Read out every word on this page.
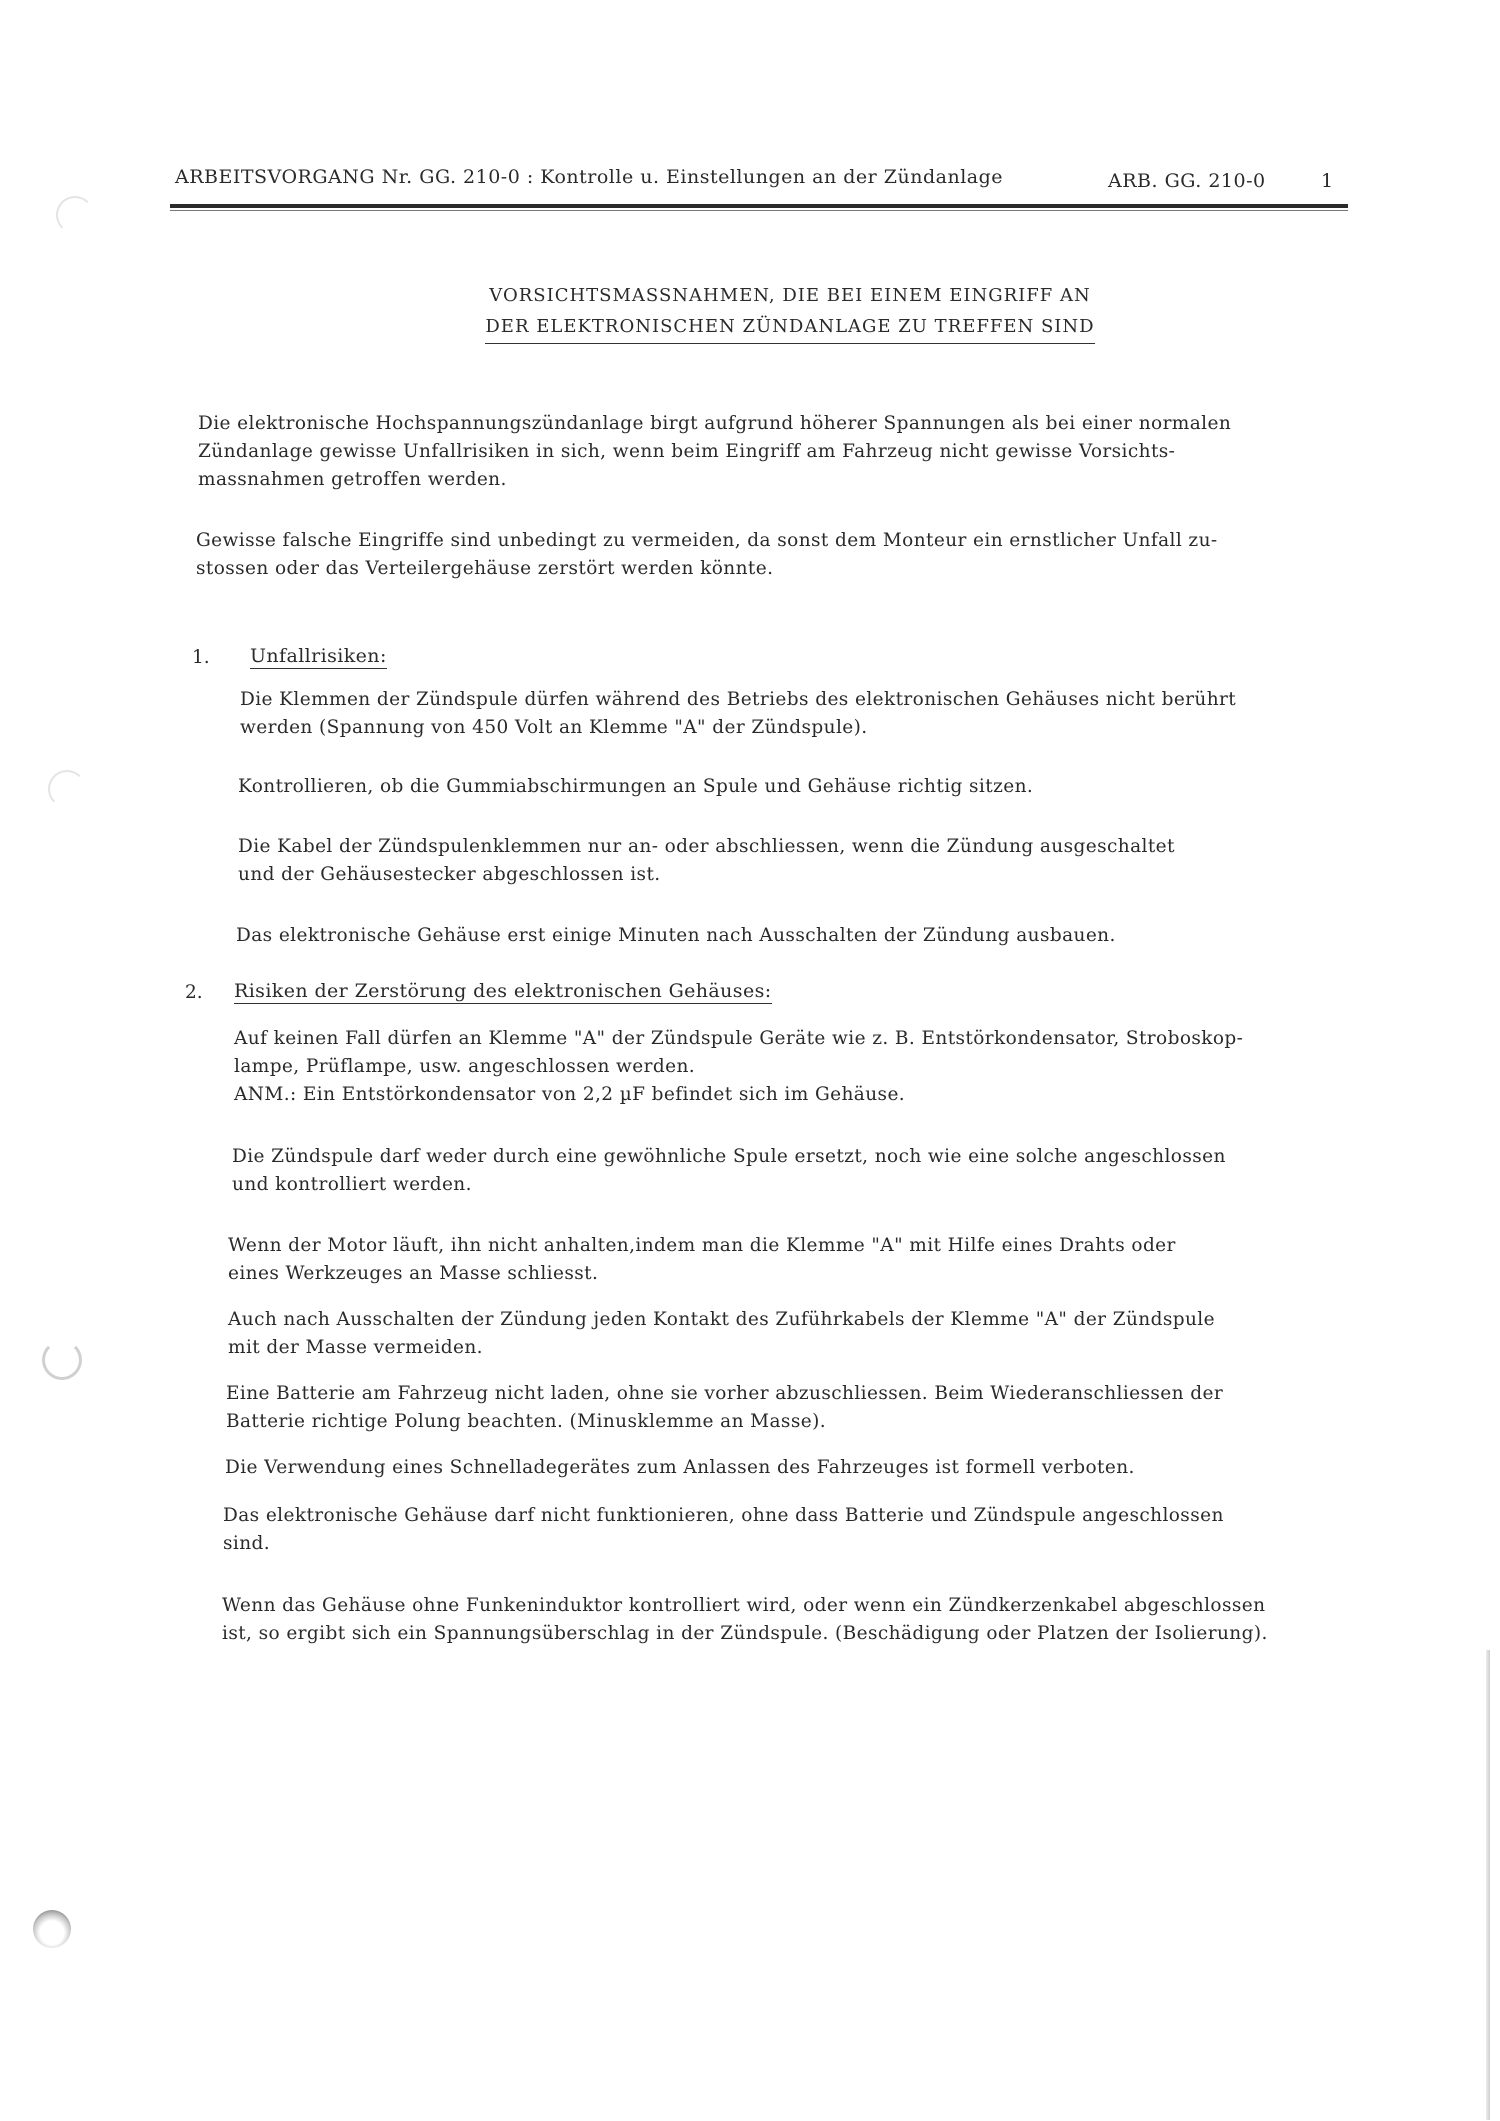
ARBEITSVORGANG Nr. GG. 210-0 : Kontrolle u. Einstellungen an der Zündanlage	ARB. GG. 210-0	1
VORSICHTSMASSNAHMEN, DIE BEI EINEM EINGRIFF AN
DER ELEKTRONISCHEN ZÜNDANLAGE ZU TREFFEN SIND
Die elektronische Hochspannungszündanlage birgt aufgrund höherer Spannungen als bei einer normalen
Zündanlage gewisse Unfallrisiken in sich, wenn beim Eingriff am Fahrzeug nicht gewisse Vorsichts-
massnahmen getroffen werden.
Gewisse falsche Eingriffe sind unbedingt zu vermeiden, da sonst dem Monteur ein ernstlicher Unfall zu-
stossen oder das Verteilergehäuse zerstört werden könnte.
1. Unfallrisiken:
Die Klemmen der Zündspule dürfen während des Betriebs des elektronischen Gehäuses nicht berührt
werden (Spannung von 450 Volt an Klemme "A" der Zündspule).
Kontrollieren, ob die Gummiabschirmungen an Spule und Gehäuse richtig sitzen.
Die Kabel der Zündspulenklemmen nur an- oder abschliessen, wenn die Zündung ausgeschaltet
und der Gehäusestecker abgeschlossen ist.
Das elektronische Gehäuse erst einige Minuten nach Ausschalten der Zündung ausbauen.
2. Risiken der Zerstörung des elektronischen Gehäuses:
Auf keinen Fall dürfen an Klemme "A" der Zündspule Geräte wie z. B. Entstörkondensator, Stroboskop-
lampe, Prüflampe, usw. angeschlossen werden.
ANM.: Ein Entstörkondensator von 2,2 µF befindet sich im Gehäuse.
Die Zündspule darf weder durch eine gewöhnliche Spule ersetzt, noch wie eine solche angeschlossen
und kontrolliert werden.
Wenn der Motor läuft, ihn nicht anhalten,indem man die Klemme "A" mit Hilfe eines Drahts oder
eines Werkzeuges an Masse schliesst.
Auch nach Ausschalten der Zündung jeden Kontakt des Zuführkabels der Klemme "A" der Zündspule
mit der Masse vermeiden.
Eine Batterie am Fahrzeug nicht laden, ohne sie vorher abzuschliessen. Beim Wiederanschliessen der
Batterie richtige Polung beachten. (Minusklemme an Masse).
Die Verwendung eines Schnelladegerätes zum Anlassen des Fahrzeuges ist formell verboten.
Das elektronische Gehäuse darf nicht funktionieren, ohne dass Batterie und Zündspule angeschlossen
sind.
Wenn das Gehäuse ohne Funkeninduktor kontrolliert wird, oder wenn ein Zündkerzenkabel abgeschlossen
ist, so ergibt sich ein Spannungsüberschlag in der Zündspule. (Beschädigung oder Platzen der Isolierung).
